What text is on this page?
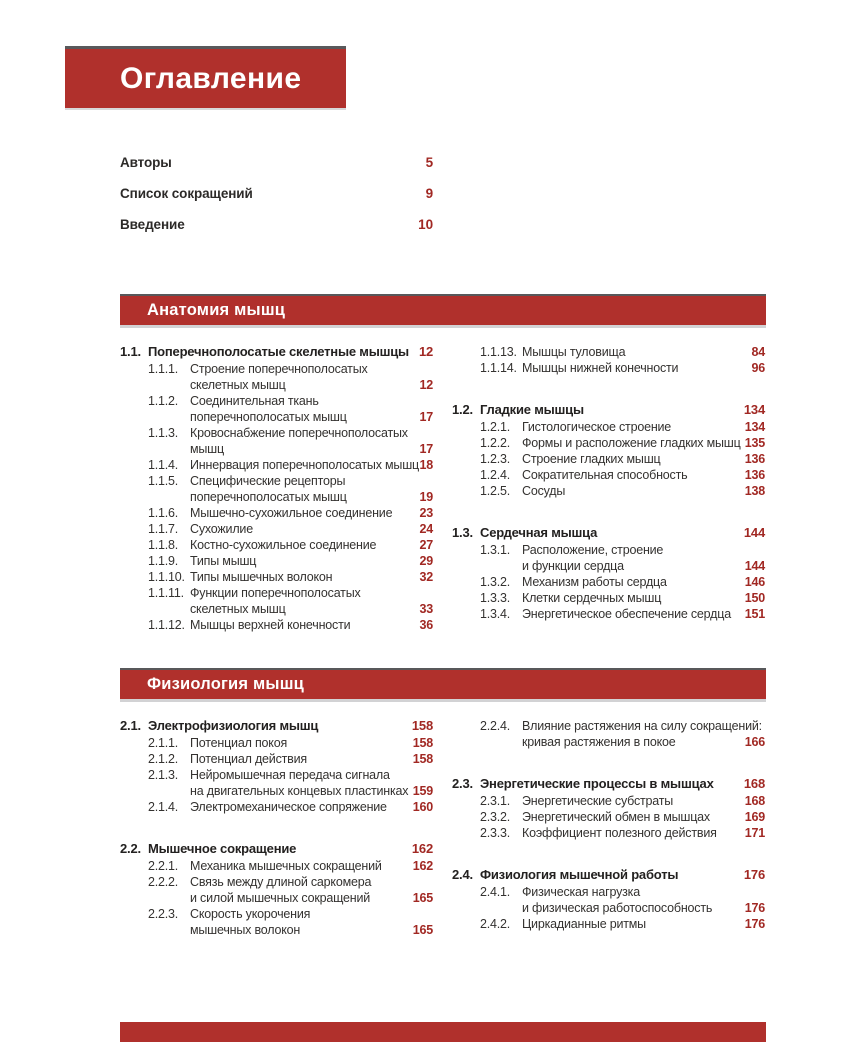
Оглавление
Авторы	5
Список сокращений	9
Введение	10
Анатомия мышц
1.1. Поперечнополосатые скелетные мышцы 12
1.1.1. Строение поперечнополосатых
скелетных мышц	12
1.1.2. Соединительная ткань
поперечнополосатых мышц	17
1.1.3. Кровоснабжение поперечнополосатых
мышц	17
1.1.4. Иннервация поперечнополосатых мышц 18
1.1.5. Специфические рецепторы
поперечнополосатых мышц	19
1.1.6. Мышечно-сухожильное соединение	23
1.1.7. Сухожилие	24
1.1.8. Костно-сухожильное соединение	27
1.1.9. Типы мышц	29
1.1.10. Типы мышечных волокон	32
1.1.11. Функции поперечнополосатых
скелетных мышц	33
1.1.12. Мышцы верхней конечности	36
1.1.13. Мышцы туловища	84
1.1.14. Мышцы нижней конечности	96
1.2. Гладкие мышцы	134
1.2.1. Гистологическое строение	134
1.2.2. Формы и расположение гладких мышц 135
1.2.3. Строение гладких мышц	136
1.2.4. Сократительная способность	136
1.2.5. Сосуды	138
1.3. Сердечная мышца	144
1.3.1. Расположение, строение
и функции сердца	144
1.3.2. Механизм работы сердца	146
1.3.3. Клетки сердечных мышц	150
1.3.4. Энергетическое обеспечение сердца	151
Физиология мышц
2.1. Электрофизиология мышц	158
2.1.1. Потенциал покоя	158
2.1.2. Потенциал действия	158
2.1.3. Нейромышечная передача сигнала
на двигательных концевых пластинках 159
2.1.4. Электромеханическое сопряжение	160
2.2. Мышечное сокращение	162
2.2.1. Механика мышечных сокращений	162
2.2.2. Связь между длиной саркомера
и силой мышечных сокращений	165
2.2.3. Скорость укорочения
мышечных волокон	165
2.2.4. Влияние растяжения на силу сокращений:
кривая растяжения в покое	166
2.3. Энергетические процессы в мышцах	168
2.3.1. Энергетические субстраты	168
2.3.2. Энергетический обмен в мышцах	169
2.3.3. Коэффициент полезного действия	171
2.4. Физиология мышечной работы	176
2.4.1. Физическая нагрузка
и физическая работоспособность	176
2.4.2. Циркадианные ритмы	176
